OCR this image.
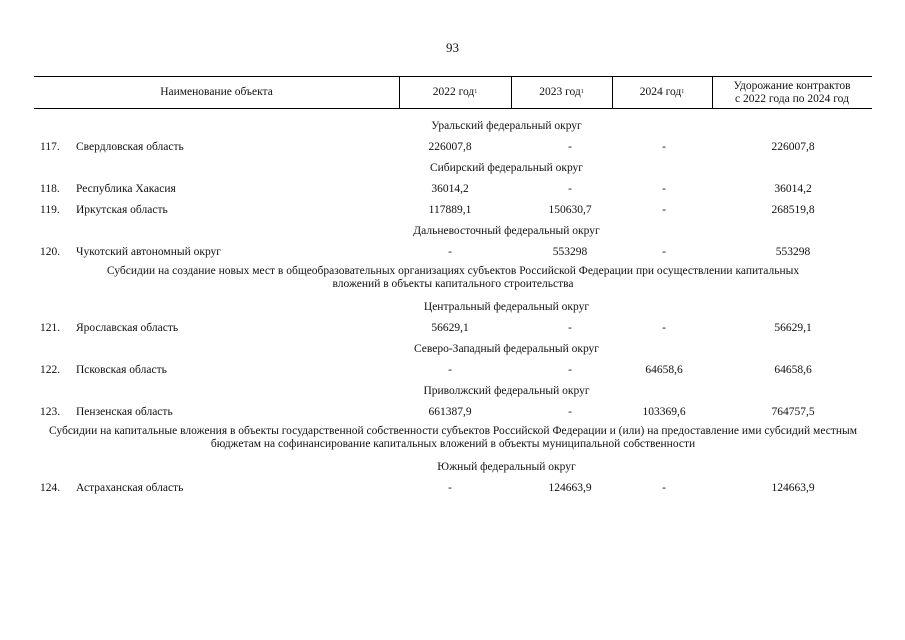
93
Наименование объекта	2022 год 1	2023 год 1	2024 год 1
Удорожание контрактов
с 2022 года по 2024 год
Уральский федеральный округ
117. Свердловская область	226007,8	-	-	226007,8
Сибирский федеральный округ
118. Республика Хакасия	36014,2	-	-	36014,2
119. Иркутская область	117889,1	150630,7	-	268519,8
Дальневосточный федеральный округ
120. Чукотский автономный округ	-	553298	-	553298
Субсидии на создание новых мест в общеобразовательных организациях субъектов Российской Федерации при осуществлении капитальных вложений в объекты капитального строительства
Центральный федеральный округ
121. Ярославская область	56629,1	-	-	56629,1
Северо-Западный федеральный округ
122. Псковская область	-	-	64658,6	64658,6
Приволжский федеральный округ
123. Пензенская область	661387,9	-	103369,6	764757,5
Субсидии на капитальные вложения в объекты государственной собственности субъектов Российской Федерации и (или) на предоставление ими субсидий местным бюджетам на софинансирование капитальных вложений в объекты муниципальной собственности
Южный федеральный округ
124. Астраханская область	-	124663,9	-	124663,9
